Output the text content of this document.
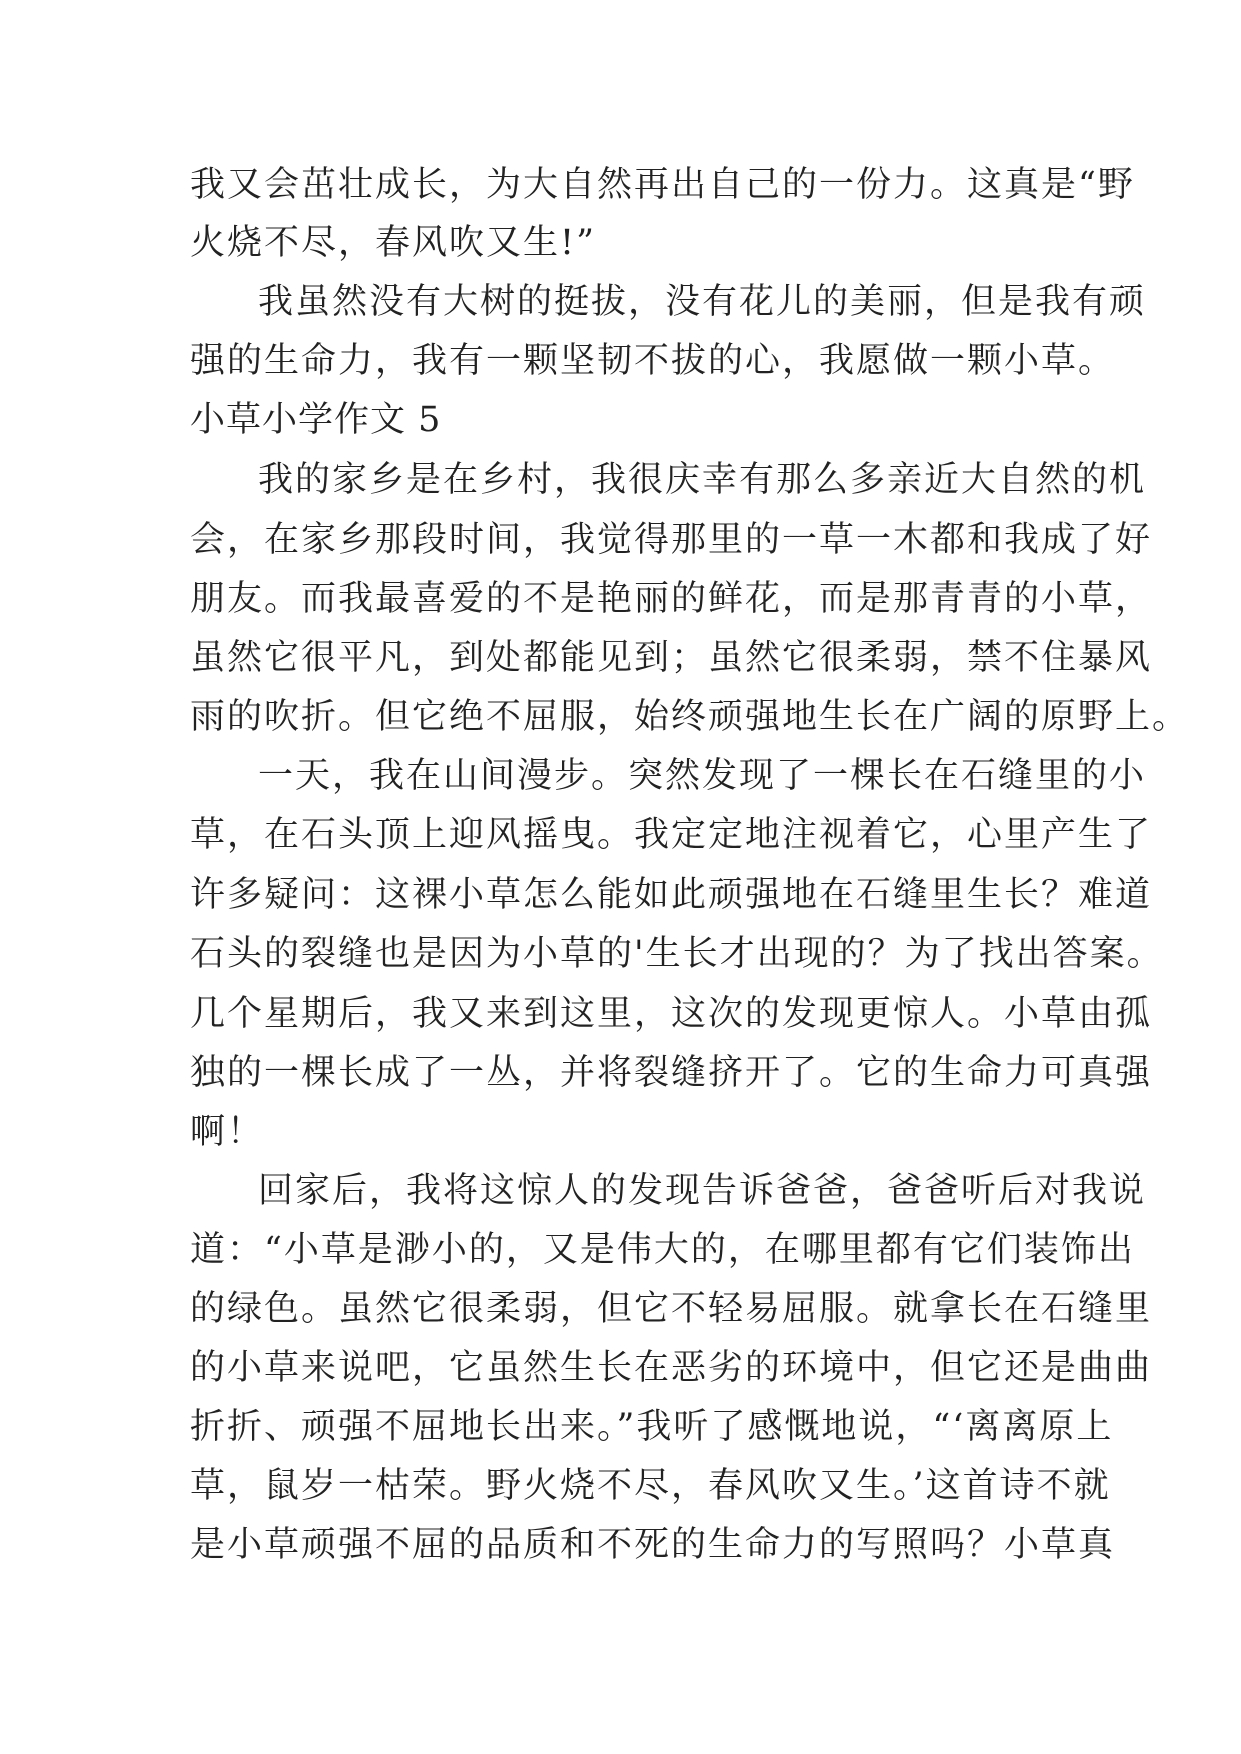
我又会茁壮成长，为大自然再出自己的一份力。这真是“野
火烧不尽，春风吹又生!”
我虽然没有大树的挺拔，没有花儿的美丽，但是我有顽
强的生命力，我有一颗坚韧不拔的心，我愿做一颗小草。
小草小学作文 5
我的家乡是在乡村，我很庆幸有那么多亲近大自然的机
会，在家乡那段时间，我觉得那里的一草一木都和我成了好
朋友。而我最喜爱的不是艳丽的鲜花，而是那青青的小草，
虽然它很平凡，到处都能见到；虽然它很柔弱，禁不住暴风
雨的吹折。但它绝不屈服，始终顽强地生长在广阔的原野上。
一天，我在山间漫步。突然发现了一棵长在石缝里的小
草，在石头顶上迎风摇曳。我定定地注视着它，心里产生了
许多疑问：这裸小草怎么能如此顽强地在石缝里生长？难道
石头的裂缝也是因为小草的'生长才出现的？为了找出答案。
几个星期后，我又来到这里，这次的发现更惊人。小草由孤
独的一棵长成了一丛，并将裂缝挤开了。它的生命力可真强
啊！
回家后，我将这惊人的发现告诉爸爸，爸爸听后对我说
道：“小草是渺小的，又是伟大的，在哪里都有它们装饰出
的绿色。虽然它很柔弱，但它不轻易屈服。就拿长在石缝里
的小草来说吧，它虽然生长在恶劣的环境中，但它还是曲曲
折折、顽强不屈地长出来。”我听了感慨地说，“‘离离原上
草，鼠岁一枯荣。野火烧不尽，春风吹又生。’这首诗不就
是小草顽强不屈的品质和不死的生命力的写照吗？小草真
